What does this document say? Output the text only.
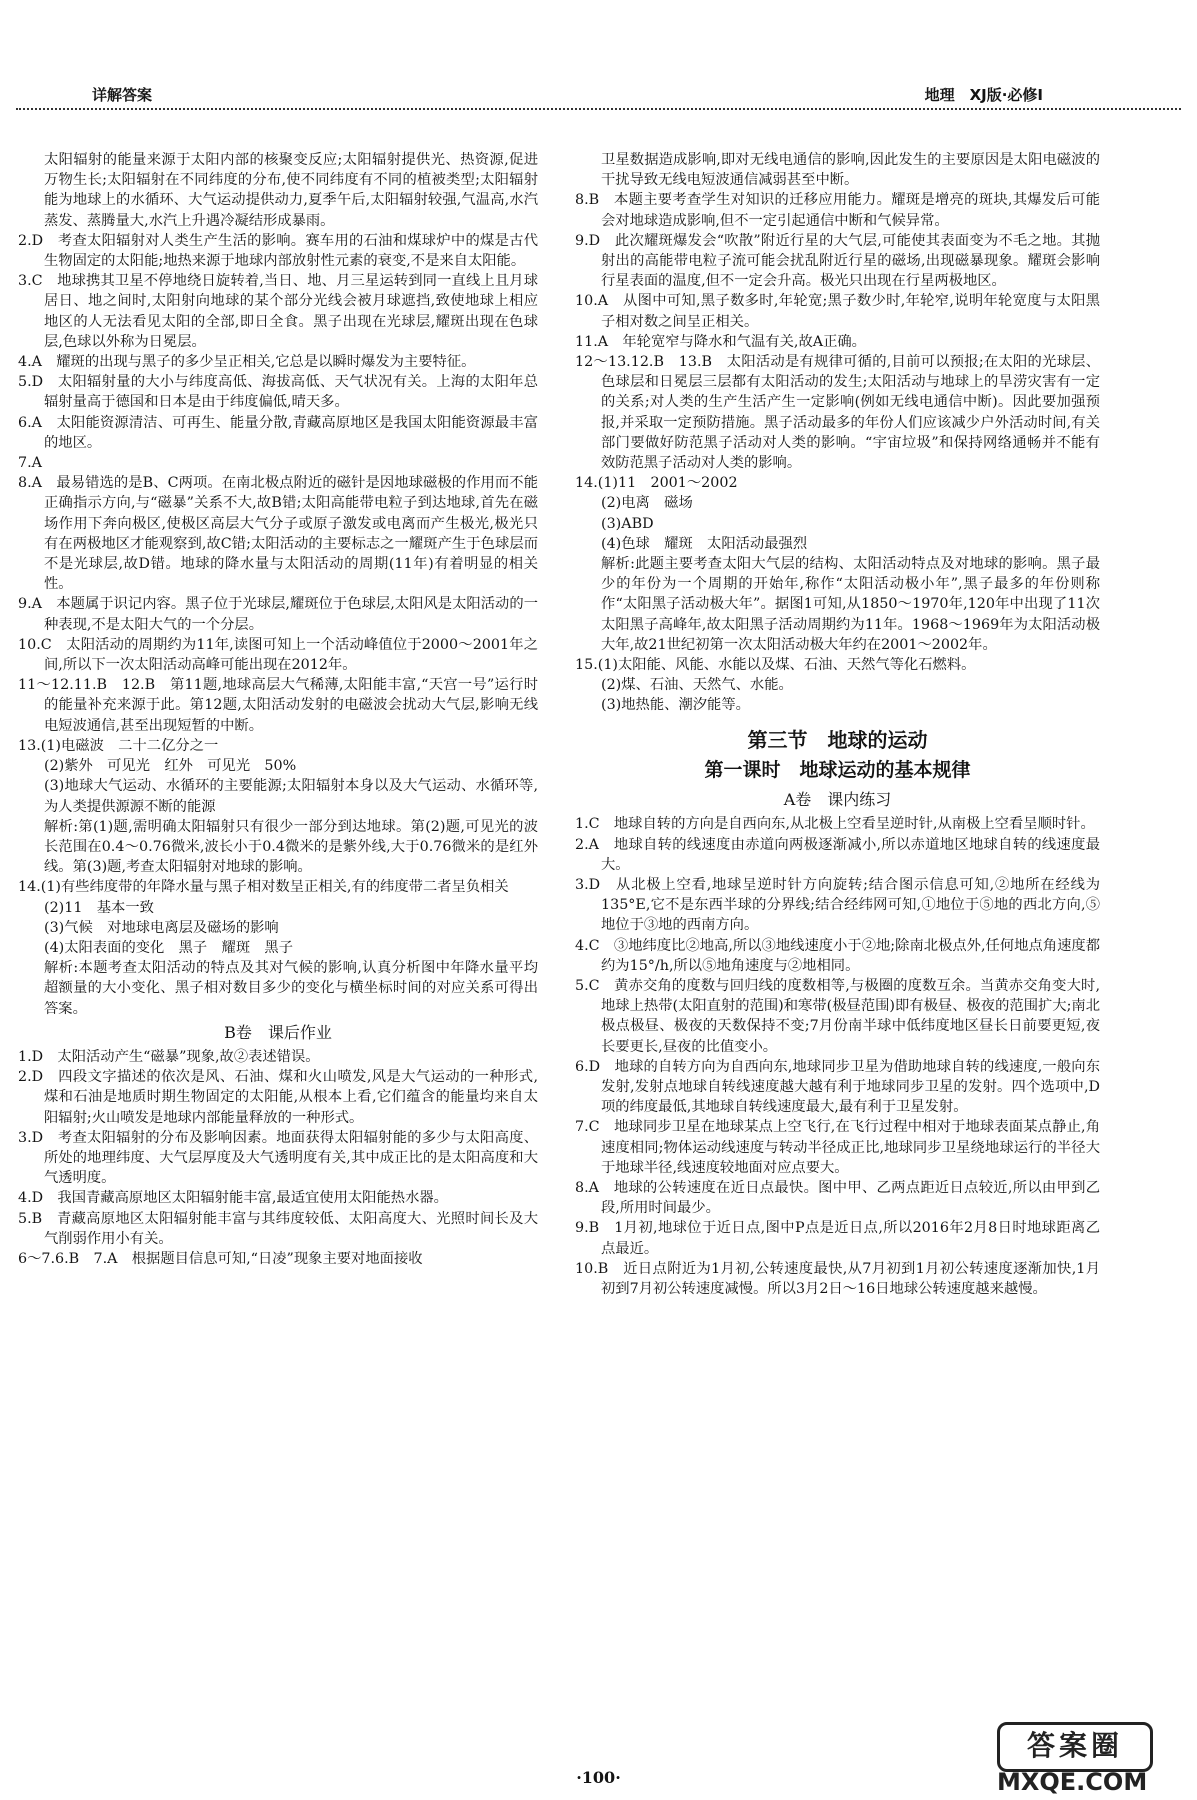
详解答案	地理　XJ版·必修Ⅰ

太阳辐射的能量来源于太阳内部的核聚变反应;太阳辐射提供光、热资源,促进万物生长;太阳辐射在不同纬度的分布,使不同纬度有不同的植被类型;太阳辐射能为地球上的水循环、大气运动提供动力,夏季午后,太阳辐射较强,气温高,水汽蒸发、蒸腾量大,水汽上升遇冷凝结形成暴雨。

2.D　考查太阳辐射对人类生产生活的影响。赛车用的石油和煤球炉中的煤是古代生物固定的太阳能;地热来源于地球内部放射性元素的衰变,不是来自太阳能。

3.C　地球携其卫星不停地绕日旋转着,当日、地、月三星运转到同一直线上且月球居日、地之间时,太阳射向地球的某个部分光线会被月球遮挡,致使地球上相应地区的人无法看见太阳的全部,即日全食。黑子出现在光球层,耀斑出现在色球层,色球以外称为日冕层。

4.A　耀斑的出现与黑子的多少呈正相关,它总是以瞬时爆发为主要特征。

5.D　太阳辐射量的大小与纬度高低、海拔高低、天气状况有关。上海的太阳年总辐射量高于德国和日本是由于纬度偏低,晴天多。

6.A　太阳能资源清洁、可再生、能量分散,青藏高原地区是我国太阳能资源最丰富的地区。

7.A

8.A　最易错选的是B、C两项。在南北极点附近的磁针是因地球磁极的作用而不能正确指示方向,与“磁暴”关系不大,故B错;太阳高能带电粒子到达地球,首先在磁场作用下奔向极区,使极区高层大气分子或原子激发或电离而产生极光,极光只有在两极地区才能观察到,故C错;太阳活动的主要标志之一耀斑产生于色球层而不是光球层,故D错。地球的降水量与太阳活动的周期(11年)有着明显的相关性。

9.A　本题属于识记内容。黑子位于光球层,耀斑位于色球层,太阳风是太阳活动的一种表现,不是太阳大气的一个分层。

10.C　太阳活动的周期约为11年,读图可知上一个活动峰值位于2000～2001年之间,所以下一次太阳活动高峰可能出现在2012年。

11～12.11.B　12.B　第11题,地球高层大气稀薄,太阳能丰富,“天宫一号”运行时的能量补充来源于此。第12题,太阳活动发射的电磁波会扰动大气层,影响无线电短波通信,甚至出现短暂的中断。

13.(1)电磁波　二十二亿分之一

(2)紫外　可见光　红外　可见光　50%

(3)地球大气运动、水循环的主要能源;太阳辐射本身以及大气运动、水循环等,为人类提供源源不断的能源

解析:第(1)题,需明确太阳辐射只有很少一部分到达地球。第(2)题,可见光的波长范围在0.4～0.76微米,波长小于0.4微米的是紫外线,大于0.76微米的是红外线。第(3)题,考查太阳辐射对地球的影响。

14.(1)有些纬度带的年降水量与黑子相对数呈正相关,有的纬度带二者呈负相关

(2)11　基本一致

(3)气候　对地球电离层及磁场的影响

(4)太阳表面的变化　黑子　耀斑　黑子

解析:本题考查太阳活动的特点及其对气候的影响,认真分析图中年降水量平均超额量的大小变化、黑子相对数目多少的变化与横坐标时间的对应关系可得出答案。

B卷　课后作业

1.D　太阳活动产生“磁暴”现象,故②表述错误。

2.D　四段文字描述的依次是风、石油、煤和火山喷发,风是大气运动的一种形式,煤和石油是地质时期生物固定的太阳能,从根本上看,它们蕴含的能量均来自太阳辐射;火山喷发是地球内部能量释放的一种形式。

3.D　考查太阳辐射的分布及影响因素。地面获得太阳辐射能的多少与太阳高度、所处的地理纬度、大气层厚度及大气透明度有关,其中成正比的是太阳高度和大气透明度。

4.D　我国青藏高原地区太阳辐射能丰富,最适宜使用太阳能热水器。

5.B　青藏高原地区太阳辐射能丰富与其纬度较低、太阳高度大、光照时间长及大气削弱作用小有关。

6～7.6.B　7.A　根据题目信息可知,“日凌”现象主要对地面接收

卫星数据造成影响,即对无线电通信的影响,因此发生的主要原因是太阳电磁波的干扰导致无线电短波通信减弱甚至中断。

8.B　本题主要考查学生对知识的迁移应用能力。耀斑是增亮的斑块,其爆发后可能会对地球造成影响,但不一定引起通信中断和气候异常。

9.D　此次耀斑爆发会“吹散”附近行星的大气层,可能使其表面变为不毛之地。其抛射出的高能带电粒子流可能会扰乱附近行星的磁场,出现磁暴现象。耀斑会影响行星表面的温度,但不一定会升高。极光只出现在行星两极地区。

10.A　从图中可知,黑子数多时,年轮宽;黑子数少时,年轮窄,说明年轮宽度与太阳黑子相对数之间呈正相关。

11.A　年轮宽窄与降水和气温有关,故A正确。

12～13.12.B　13.B　太阳活动是有规律可循的,目前可以预报;在太阳的光球层、色球层和日冕层三层都有太阳活动的发生;太阳活动与地球上的旱涝灾害有一定的关系;对人类的生产生活产生一定影响(例如无线电通信中断)。因此要加强预报,并采取一定预防措施。黑子活动最多的年份人们应该减少户外活动时间,有关部门要做好防范黑子活动对人类的影响。“宇宙垃圾”和保持网络通畅并不能有效防范黑子活动对人类的影响。

14.(1)11　2001～2002

(2)电离　磁场

(3)ABD

(4)色球　耀斑　太阳活动最强烈

解析:此题主要考查太阳大气层的结构、太阳活动特点及对地球的影响。黑子最少的年份为一个周期的开始年,称作“太阳活动极小年”,黑子最多的年份则称作“太阳黑子活动极大年”。据图1可知,从1850～1970年,120年中出现了11次太阳黑子高峰年,故太阳黑子活动周期约为11年。1968～1969年为太阳活动极大年,故21世纪初第一次太阳活动极大年约在2001～2002年。

15.(1)太阳能、风能、水能以及煤、石油、天然气等化石燃料。

(2)煤、石油、天然气、水能。

(3)地热能、潮汐能等。

第三节　地球的运动
第一课时　地球运动的基本规律
A卷　课内练习

1.C　地球自转的方向是自西向东,从北极上空看呈逆时针,从南极上空看呈顺时针。

2.A　地球自转的线速度由赤道向两极逐渐减小,所以赤道地区地球自转的线速度最大。

3.D　从北极上空看,地球呈逆时针方向旋转;结合图示信息可知,②地所在经线为135°E,它不是东西半球的分界线;结合经纬网可知,①地位于⑤地的西北方向,⑤地位于③地的西南方向。

4.C　③地纬度比②地高,所以③地线速度小于②地;除南北极点外,任何地点角速度都约为15°/h,所以⑤地角速度与②地相同。

5.C　黄赤交角的度数与回归线的度数相等,与极圈的度数互余。当黄赤交角变大时,地球上热带(太阳直射的范围)和寒带(极昼范围)即有极昼、极夜的范围扩大;南北极点极昼、极夜的天数保持不变;7月份南半球中低纬度地区昼长日前要更短,夜长要更长,昼夜的比值变小。

6.D　地球的自转方向为自西向东,地球同步卫星为借助地球自转的线速度,一般向东发射,发射点地球自转线速度越大越有利于地球同步卫星的发射。四个选项中,D项的纬度最低,其地球自转线速度最大,最有利于卫星发射。

7.C　地球同步卫星在地球某点上空飞行,在飞行过程中相对于地球表面某点静止,角速度相同;物体运动线速度与转动半径成正比,地球同步卫星绕地球运行的半径大于地球半径,线速度较地面对应点要大。

8.A　地球的公转速度在近日点最快。图中甲、乙两点距近日点较近,所以由甲到乙段,所用时间最少。

9.B　1月初,地球位于近日点,图中P点是近日点,所以2016年2月8日时地球距离乙点最近。

10.B　近日点附近为1月初,公转速度最快,从7月初到1月初公转速度逐渐加快,1月初到7月初公转速度减慢。所以3月2日～16日地球公转速度越来越慢。

·100·
答案圈
MXQE.COM
